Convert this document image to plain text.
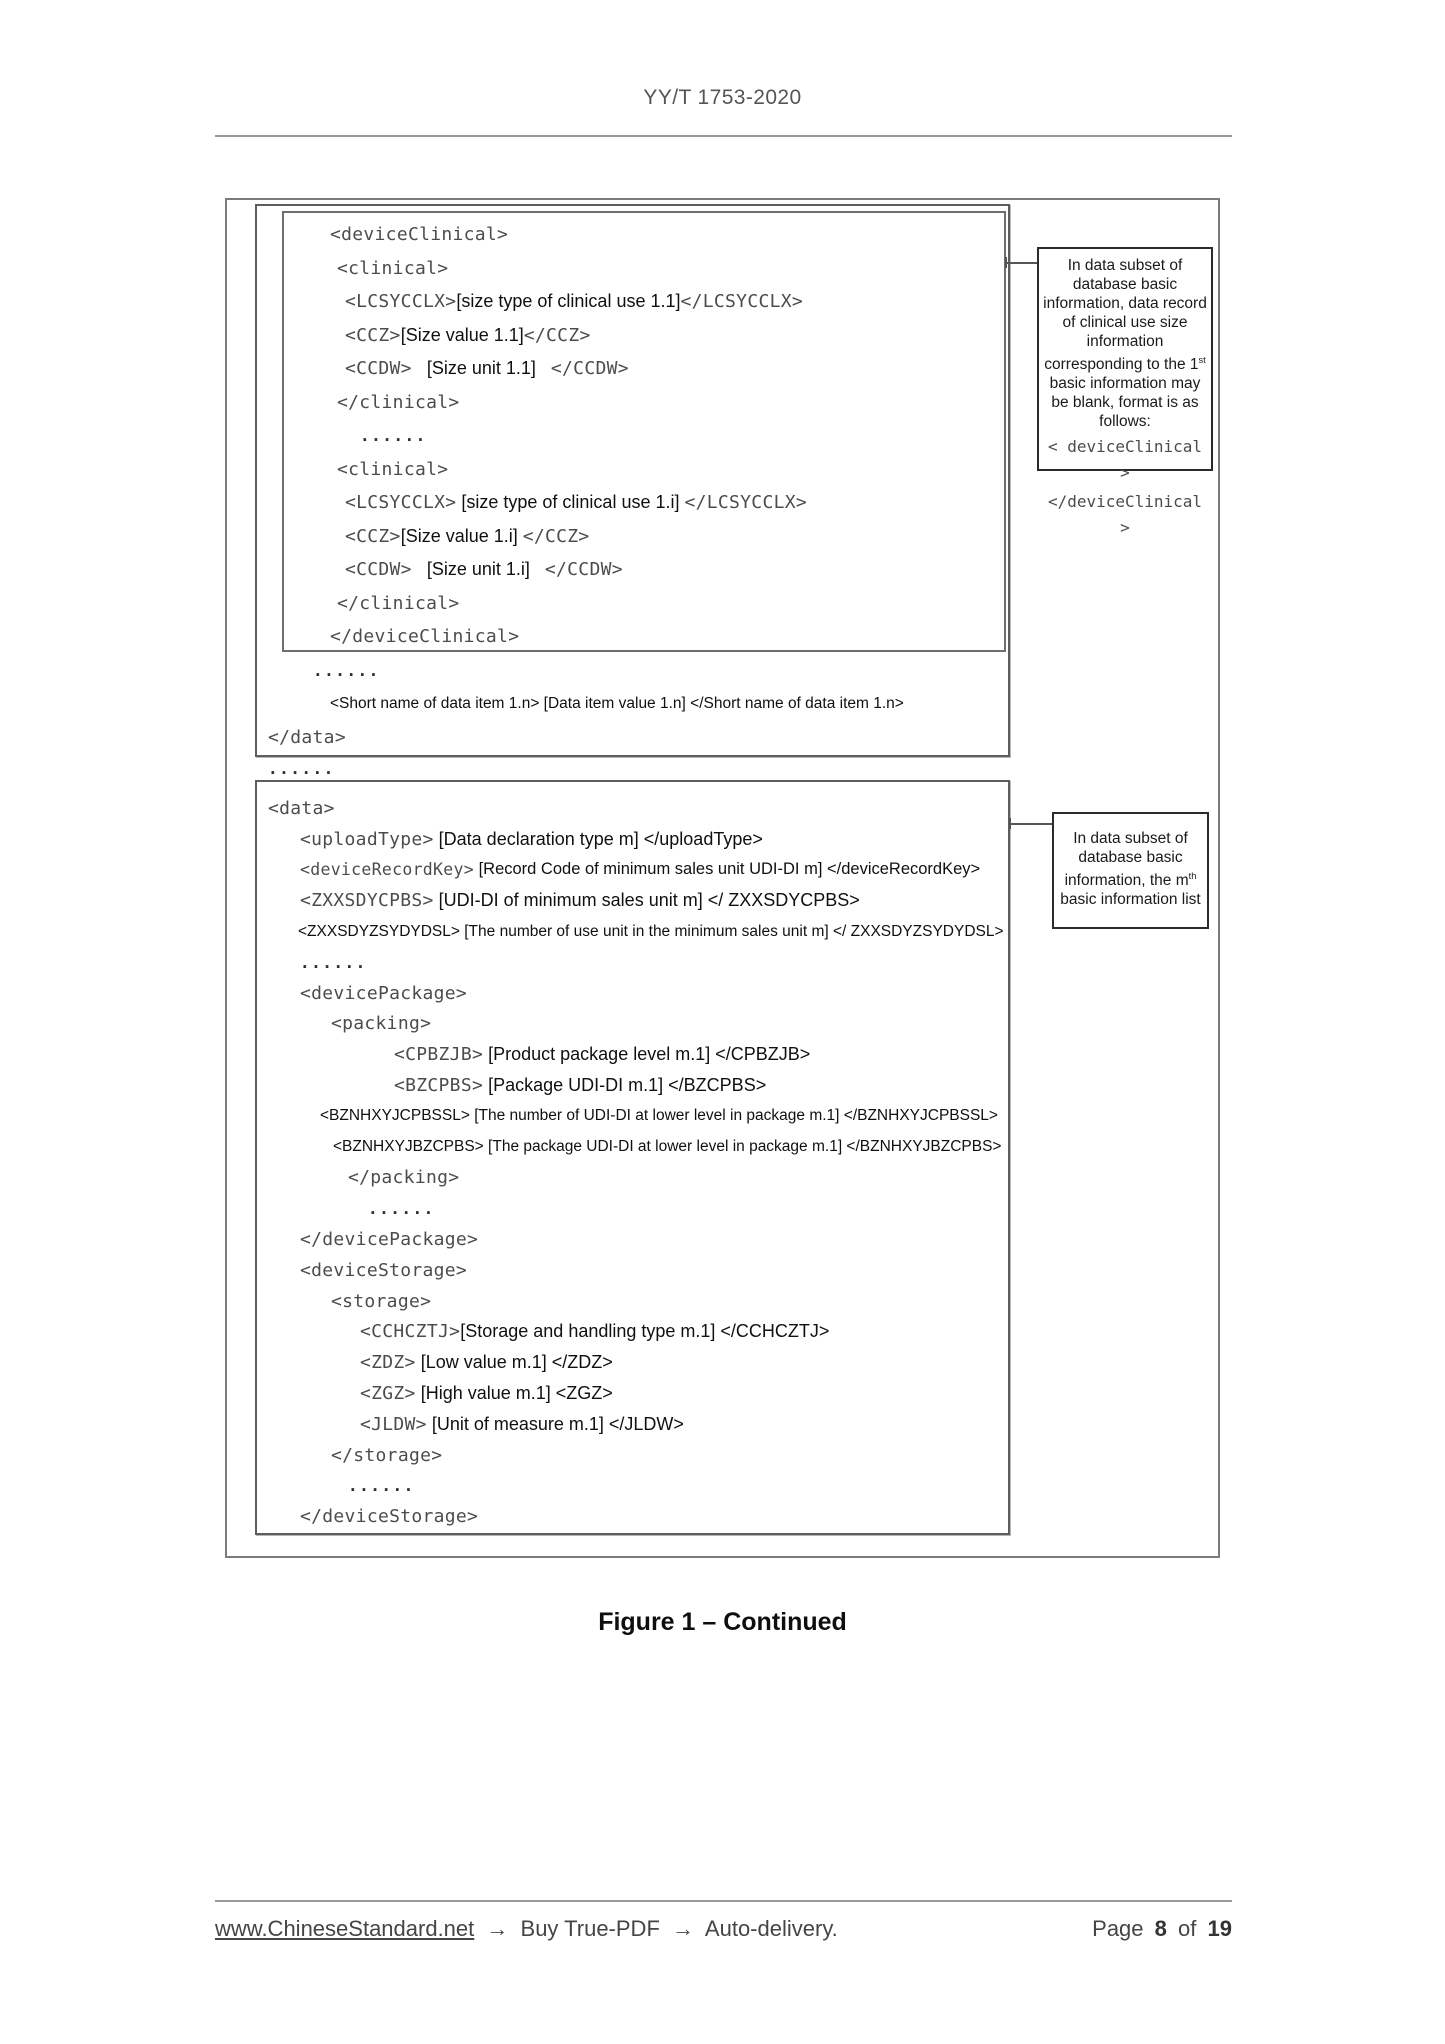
YY/T 1753-2020
<deviceClinical>
<clinical>
<LCSYCCLX> [size type of clinical use 1.1] </LCSYCCLX>
<CCZ> [Size value 1.1] </CCZ>
<CCDW> [Size unit 1.1] </CCDW>
</clinical>
......
<clinical>
<LCSYCCLX> [size type of clinical use 1.i] </LCSYCCLX>
<CCZ> [Size value 1.i] </CCZ>
<CCDW> [Size unit 1.i] </CCDW>
</clinical>
</deviceClinical>
......
<Short name of data item 1.n> [Data item value 1.n] </Short name of data item 1.n>
</data>
......
<data>
<uploadType> [Data declaration type m] </uploadType>
<deviceRecordKey> [Record Code of minimum sales unit UDI-DI m] </deviceRecordKey>
<ZXXSDYCPBS> [UDI-DI of minimum sales unit m] </ ZXXSDYCPBS>
<ZXXSDYZSYDYDSL> [The number of use unit in the minimum sales unit m] </ ZXXSDYZSYDYDSL>
......
<devicePackage>
<packing>
<CPBZJB> [Product package level m.1] </CPBZJB>
<BZCPBS> [Package UDI-DI m.1] </BZCPBS>
<BZNHXYJCPBSSL> [The number of UDI-DI at lower level in package m.1] </BZNHXYJCPBSSL>
<BZNHXYJBZCPBS> [The package UDI-DI at lower level in package m.1] </BZNHXYJBZCPBS>
</packing>
......
</devicePackage>
<deviceStorage>
<storage>
<CCHCZTJ> [Storage and handling type m.1] </CCHCZTJ>
<ZDZ> [Low value m.1] </ZDZ>
<ZGZ> [High value m.1] <ZGZ>
<JLDW> [Unit of measure m.1] </JLDW>
</storage>
......
</deviceStorage>
In data subset of database basic information, data record of clinical use size information corresponding to the 1st basic information may be blank, format is as follows:
< deviceClinical >
</deviceClinical >
In data subset of database basic information, the $m^{th}$ basic information list
Figure 1 – Continued
www.ChineseStandard.net → Buy True-PDF → Auto-delivery.	Page 8 of 19
